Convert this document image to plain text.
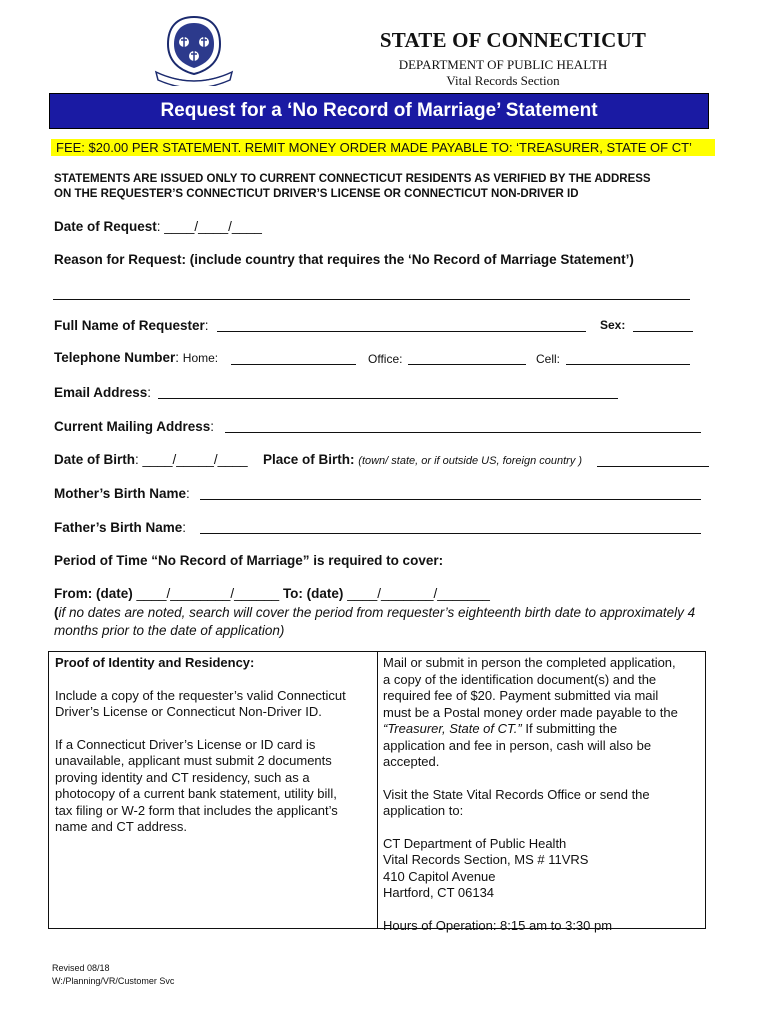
STATE OF CONNECTICUT
DEPARTMENT OF PUBLIC HEALTH
Vital Records Section
Request for a ‘No Record of Marriage’ Statement
FEE: $20.00 PER STATEMENT. REMIT MONEY ORDER MADE PAYABLE TO: ‘TREASURER, STATE OF CT’
STATEMENTS ARE ISSUED ONLY TO CURRENT CONNECTICUT RESIDENTS AS VERIFIED BY THE ADDRESS
ON THE REQUESTER’S CONNECTICUT DRIVER’S LICENSE OR CONNECTICUT NON-DRIVER ID
Date of Request: ____/____/____
Reason for Request: (include country that requires the ‘No Record of Marriage Statement’)
Full Name of Requester:	Sex:
Telephone Number: Home:	Office:	Cell:
Email Address:
Current Mailing Address:
Date of Birth: ____/_____/____ Place of Birth: (town/ state, or if outside US, foreign country )
Mother’s Birth Name:
Father’s Birth Name:
Period of Time “No Record of Marriage” is required to cover:
From: (date) ____/________/______ To: (date) ____/_______/_______
(if no dates are noted, search will cover the period from requester’s eighteenth birth date to approximately 4
months prior to the date of application)
Proof of Identity and Residency:
Include a copy of the requester’s valid Connecticut
Driver’s License or Connecticut Non-Driver ID.
If a Connecticut Driver’s License or ID card is
unavailable, applicant must submit 2 documents
proving identity and CT residency, such as a
photocopy of a current bank statement, utility bill,
tax filing or W-2 form that includes the applicant’s
name and CT address.
Mail or submit in person the completed application,
a copy of the identification document(s) and the
required fee of $20. Payment submitted via mail
must be a Postal money order made payable to the
“Treasurer, State of CT.” If submitting the
application and fee in person, cash will also be
accepted.
Visit the State Vital Records Office or send the
application to:
CT Department of Public Health
Vital Records Section, MS # 11VRS
410 Capitol Avenue
Hartford, CT 06134
Hours of Operation: 8:15 am to 3:30 pm
Revised 08/18
W:/Planning/VR/Customer Svc
